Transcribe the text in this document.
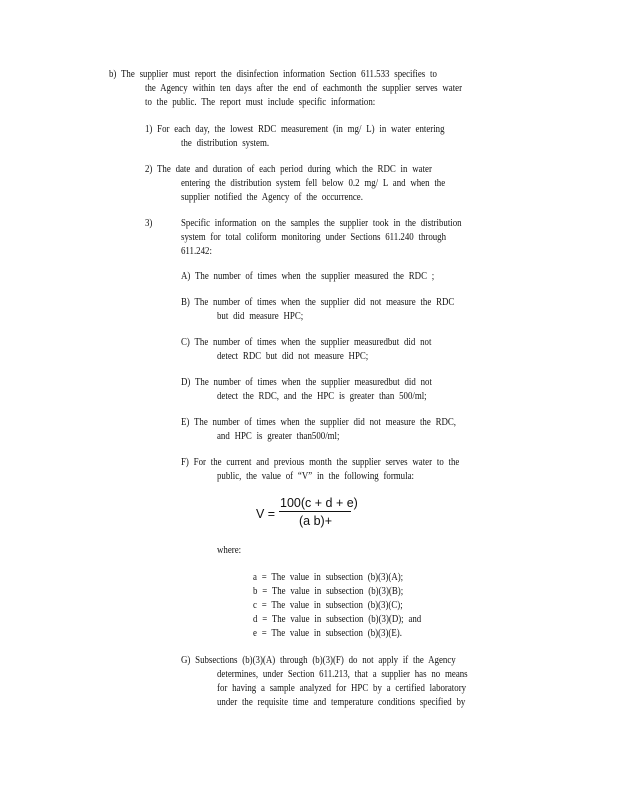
b) The supplier must report the disinfection information Section 611.533 specifies to
the Agency within ten days after the end of eachmonth the supplier serves water
to the public. The report must include specific information:
1) For each day, the lowest RDC measurement (in mg/ L) in water entering
the distribution system.
2) The date and duration of each period during which the RDC in water
entering the distribution system fell below 0.2 mg/ L and when the
supplier notified the Agency of the occurrence.
3)	Specific information on the samples the supplier took in the distribution
system for total coliform monitoring under Sections 611.240 through
611.242:
A) The number of times when the supplier measured the RDC ;
B) The number of times when the supplier did not measure the RDC
but did measure HPC;
C) The number of times when the supplier measuredbut did not
detect RDC but did not measure HPC;
D) The number of times when the supplier measuredbut did not
detect the RDC, and the HPC is greater than 500/ml;
E) The number of times when the supplier did not measure the RDC,
and HPC is greater than500/ml;
F) For the current and previous month the supplier serves water to the
public, the value of “V” in the following formula:
V =
100(c + d + e)
(a b)+
where:
a = The value in subsection (b)(3)(A);
b = The value in subsection (b)(3)(B);
c = The value in subsection (b)(3)(C);
d = The value in subsection (b)(3)(D); and
e = The value in subsection (b)(3)(E).
G) Subsections (b)(3)(A) through (b)(3)(F) do not apply if the Agency
determines, under Section 611.213, that a supplier has no means
for having a sample analyzed for HPC by a certified laboratory
under the requisite time and temperature conditions specified by
